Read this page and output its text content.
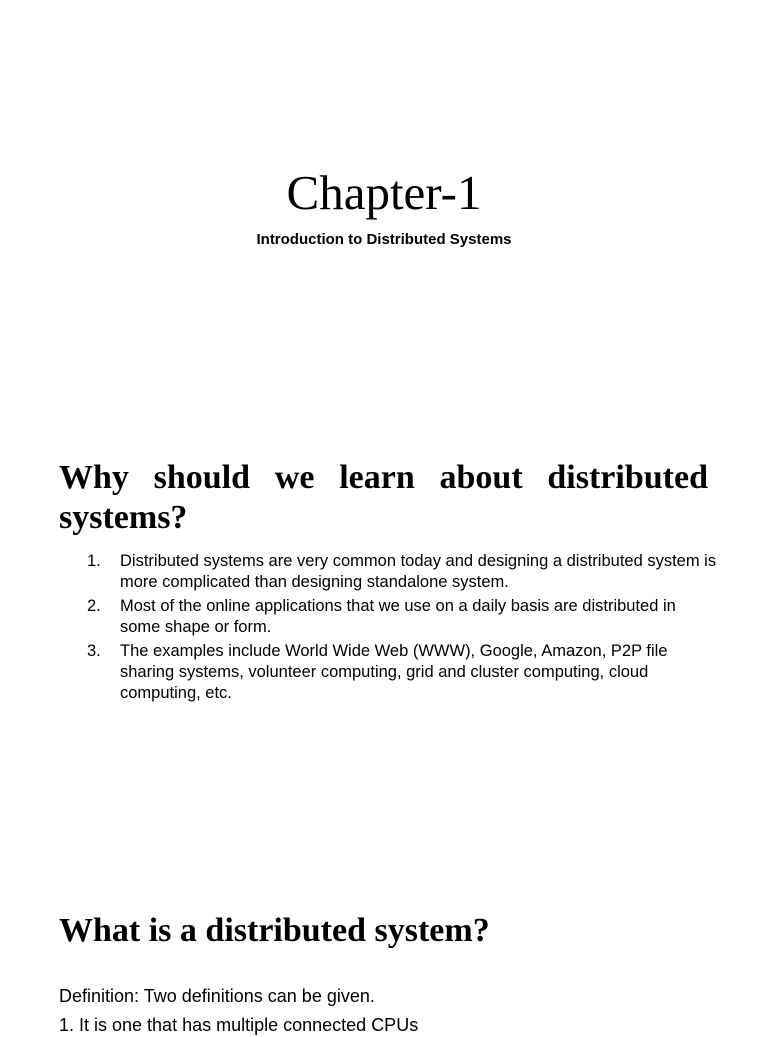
Chapter-1

Introduction to Distributed Systems

Why should we learn about distributed systems?
1. Distributed systems are very common today and designing a distributed system is more complicated than designing standalone system.
2. Most of the online applications that we use on a daily basis are distributed in some shape or form.
3. The examples include World Wide Web (WWW), Google, Amazon, P2P file sharing systems, volunteer computing, grid and cluster computing, cloud computing, etc.
What is a distributed system?

Definition: Two definitions can be given.

1. It is one that has multiple connected CPUs
